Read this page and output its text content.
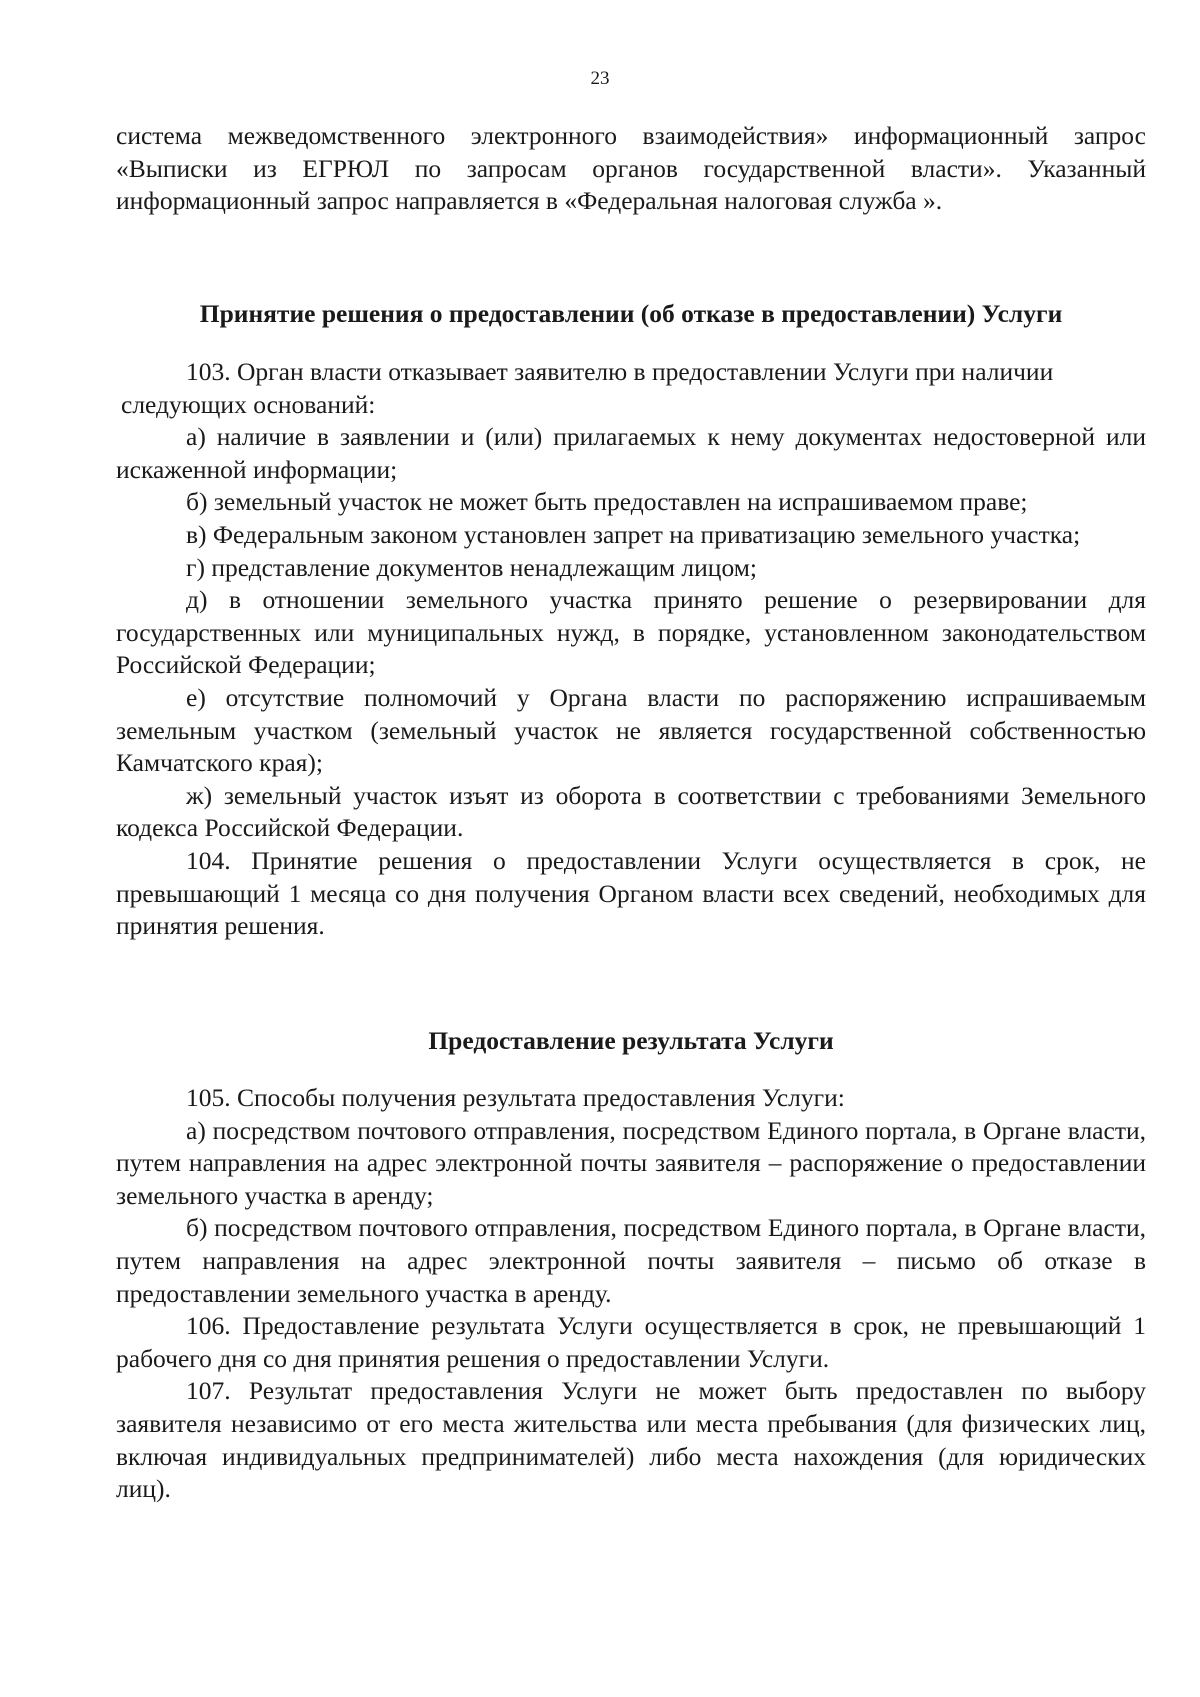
23

система межведомственного электронного взаимодействия» информационный запрос «Выписки из ЕГРЮЛ по запросам органов государственной власти». Указанный информационный запрос направляется в «Федеральная налоговая служба ».

Принятие решения о предоставлении (об отказе в предоставлении) Услуги

103. Орган власти отказывает заявителю в предоставлении Услуги при наличии

следующих оснований:

а) наличие в заявлении и (или) прилагаемых к нему документах недостоверной или искаженной информации;

б) земельный участок не может быть предоставлен на испрашиваемом праве;

в) Федеральным законом установлен запрет на приватизацию земельного участка;

г) представление документов ненадлежащим лицом;

д) в отношении земельного участка принято решение о резервировании для государственных или муниципальных нужд, в порядке, установленном законодательством Российской Федерации;

е) отсутствие полномочий у Органа власти по распоряжению испрашиваемым земельным участком (земельный участок не является государственной собственностью Камчатского края);

ж) земельный участок изъят из оборота в соответствии с требованиями Земельного кодекса Российской Федерации.

104. Принятие решения о предоставлении Услуги осуществляется в срок, не превышающий 1 месяца со дня получения Органом власти всех сведений, необходимых для принятия решения.

Предоставление результата Услуги

105. Способы получения результата предоставления Услуги:

а) посредством почтового отправления, посредством Единого портала, в Органе власти, путем направления на адрес электронной почты заявителя – распоряжение о предоставлении земельного участка в аренду;

б) посредством почтового отправления, посредством Единого портала, в Органе власти, путем направления на адрес электронной почты заявителя – письмо об отказе в предоставлении земельного участка в аренду.

106. Предоставление результата Услуги осуществляется в срок, не превышающий 1 рабочего дня со дня принятия решения о предоставлении Услуги.

107. Результат предоставления Услуги не может быть предоставлен по выбору заявителя независимо от его места жительства или места пребывания (для физических лиц, включая индивидуальных предпринимателей) либо места нахождения (для юридических лиц).
